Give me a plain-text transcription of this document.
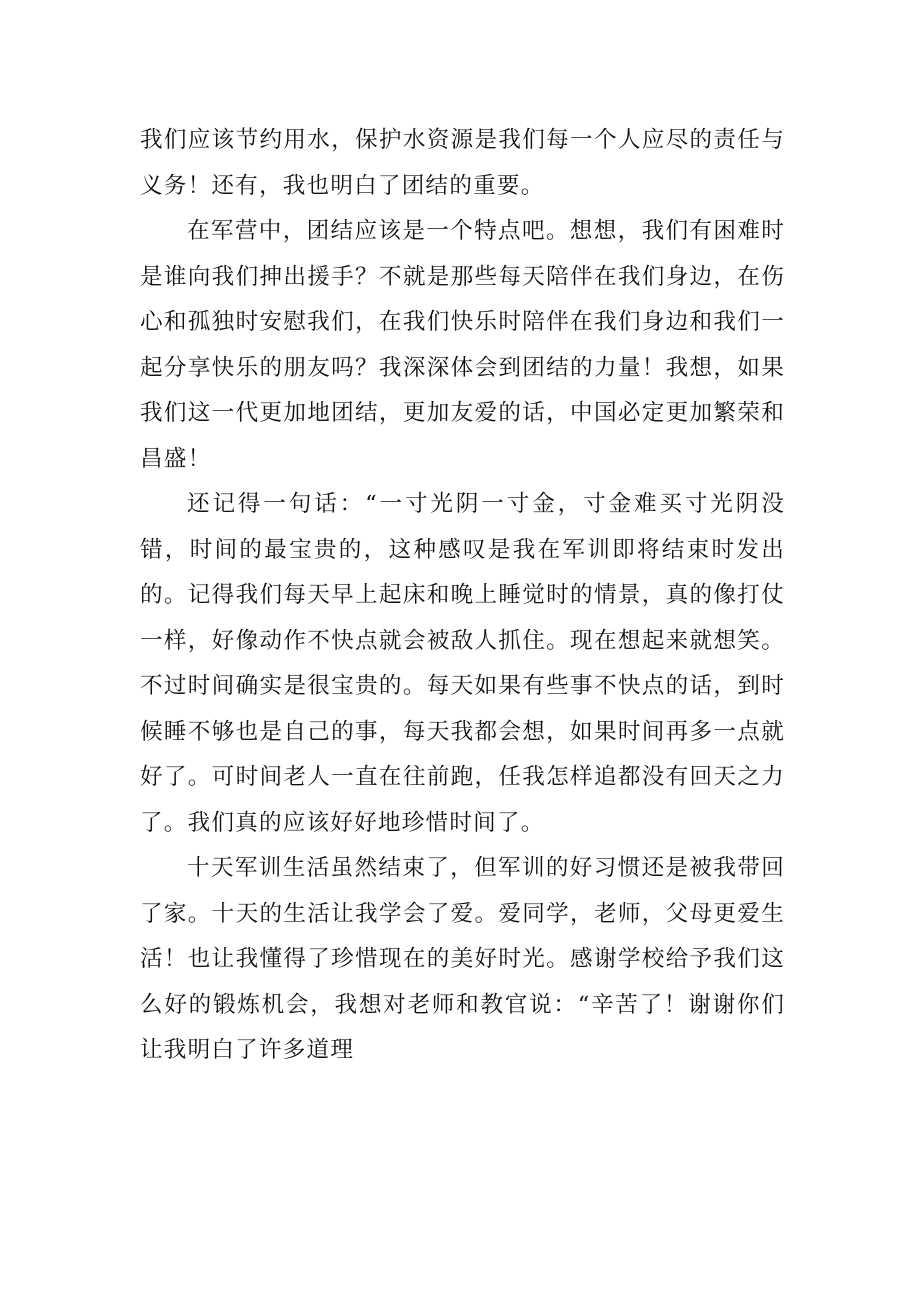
我们应该节约用水，保护水资源是我们每一个人应尽的责任与义务！还有，我也明白了团结的重要。

在军营中，团结应该是一个特点吧。想想，我们有困难时是谁向我们抻出援手？不就是那些每天陪伴在我们身边，在伤心和孤独时安慰我们，在我们快乐时陪伴在我们身边和我们一起分享快乐的朋友吗？我深深体会到团结的力量！我想，如果我们这一代更加地团结，更加友爱的话，中国必定更加繁荣和昌盛！

还记得一句话：“一寸光阴一寸金，寸金难买寸光阴没错，时间的最宝贵的，这种感叹是我在军训即将结束时发出的。记得我们每天早上起床和晚上睡觉时的情景，真的像打仗一样，好像动作不快点就会被敌人抓住。现在想起来就想笑。不过时间确实是很宝贵的。每天如果有些事不快点的话，到时候睡不够也是自己的事，每天我都会想，如果时间再多一点就好了。可时间老人一直在往前跑，任我怎样追都没有回天之力了。我们真的应该好好地珍惜时间了。

十天军训生活虽然结束了，但军训的好习惯还是被我带回了家。十天的生活让我学会了爱。爱同学，老师，父母更爱生活！也让我懂得了珍惜现在的美好时光。感谢学校给予我们这么好的锻炼机会，我想对老师和教官说：“辛苦了！谢谢你们让我明白了许多道理
